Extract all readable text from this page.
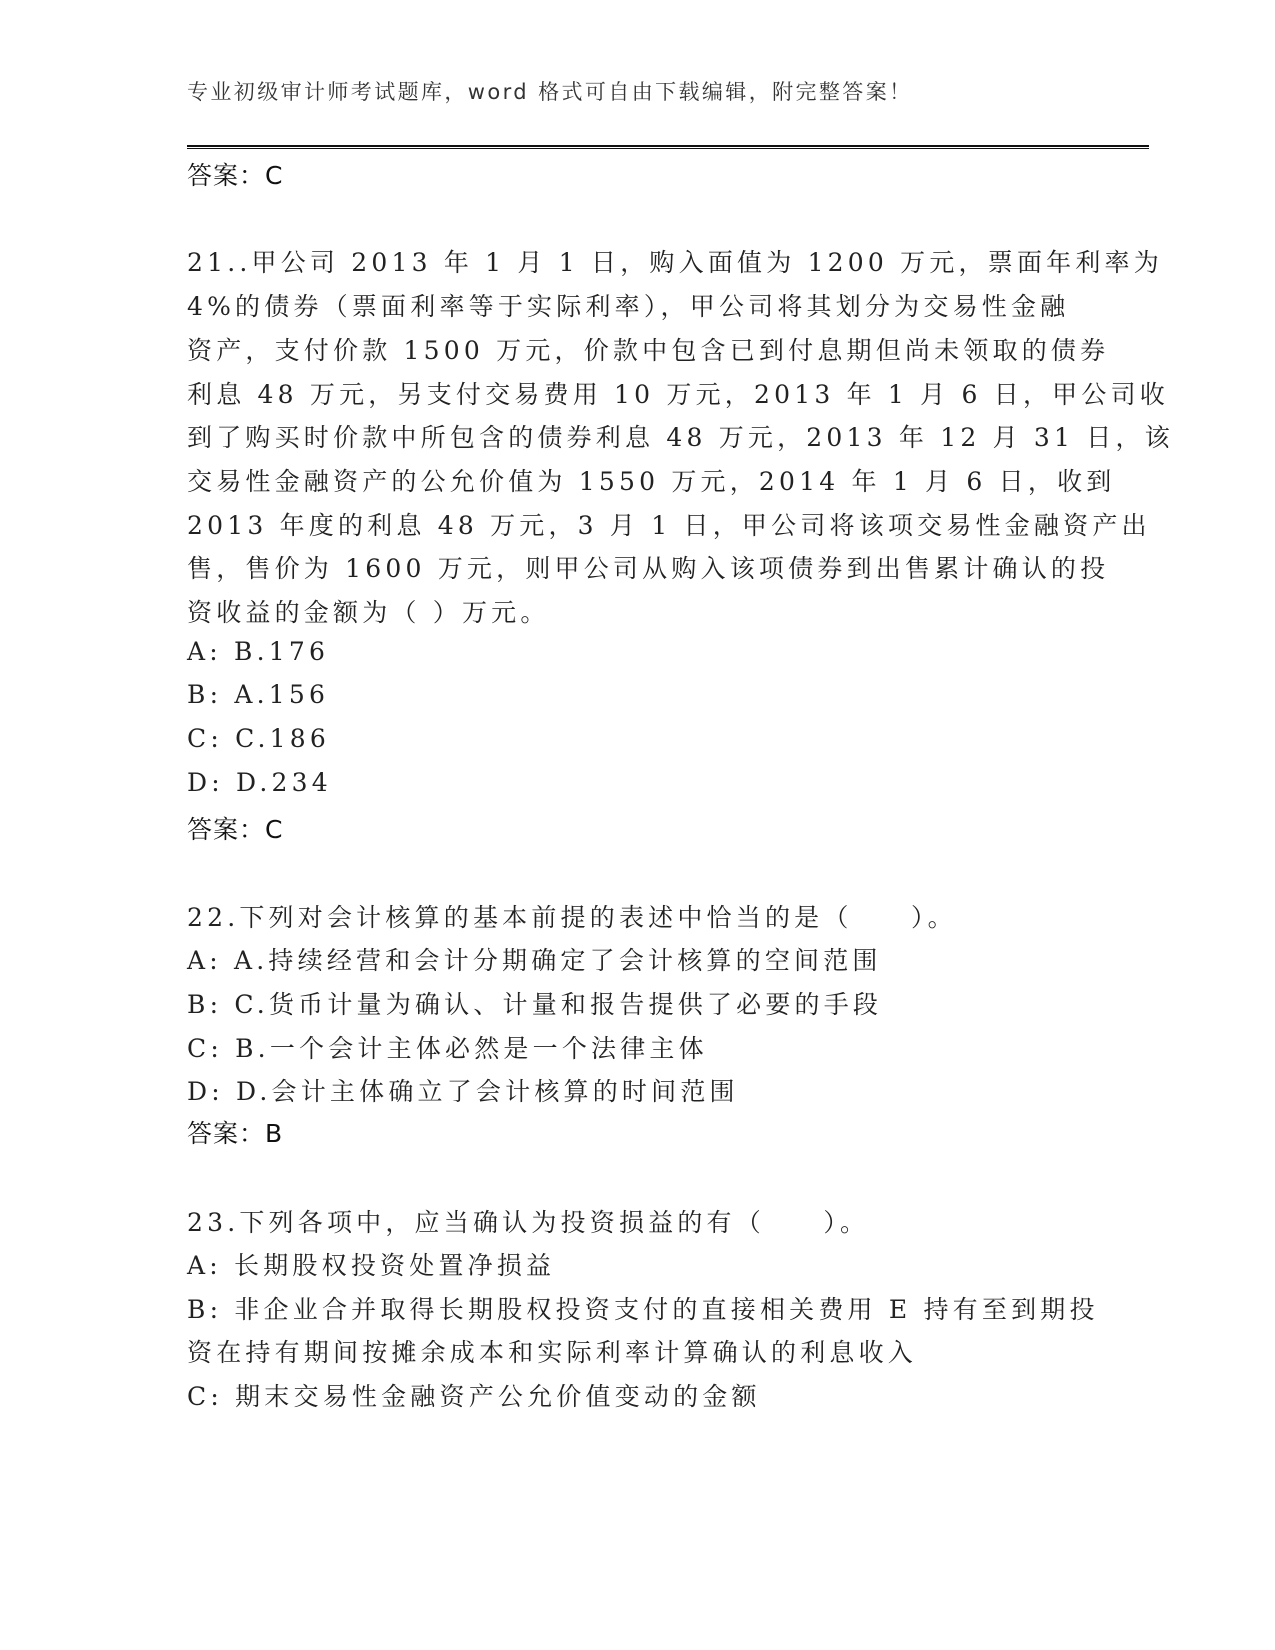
专业初级审计师考试题库，word 格式可自由下载编辑，附完整答案！
答案：C
21..甲公司 2013 年 1 月 1 日，购入面值为 1200 万元，票面年利率为
4%的债券（票面利率等于实际利率），甲公司将其划分为交易性金融
资产，支付价款 1500 万元，价款中包含已到付息期但尚未领取的债券
利息 48 万元，另支付交易费用 10 万元，2013 年 1 月 6 日，甲公司收
到了购买时价款中所包含的债券利息 48 万元，2013 年 12 月 31 日，该
交易性金融资产的公允价值为 1550 万元，2014 年 1 月 6 日，收到
2013 年度的利息 48 万元，3 月 1 日，甲公司将该项交易性金融资产出
售，售价为 1600 万元，则甲公司从购入该项债券到出售累计确认的投
资收益的金额为（ ）万元。
A: B.176
B: A.156
C: C.186
D: D.234
答案：C
22.下列对会计核算的基本前提的表述中恰当的是（　　）。
A: A.持续经营和会计分期确定了会计核算的空间范围
B: C.货币计量为确认、计量和报告提供了必要的手段
C: B.一个会计主体必然是一个法律主体
D: D.会计主体确立了会计核算的时间范围
答案：B
23.下列各项中，应当确认为投资损益的有（　　）。
A: 长期股权投资处置净损益
B: 非企业合并取得长期股权投资支付的直接相关费用 E 持有至到期投
资在持有期间按摊余成本和实际利率计算确认的利息收入
C: 期末交易性金融资产公允价值变动的金额
